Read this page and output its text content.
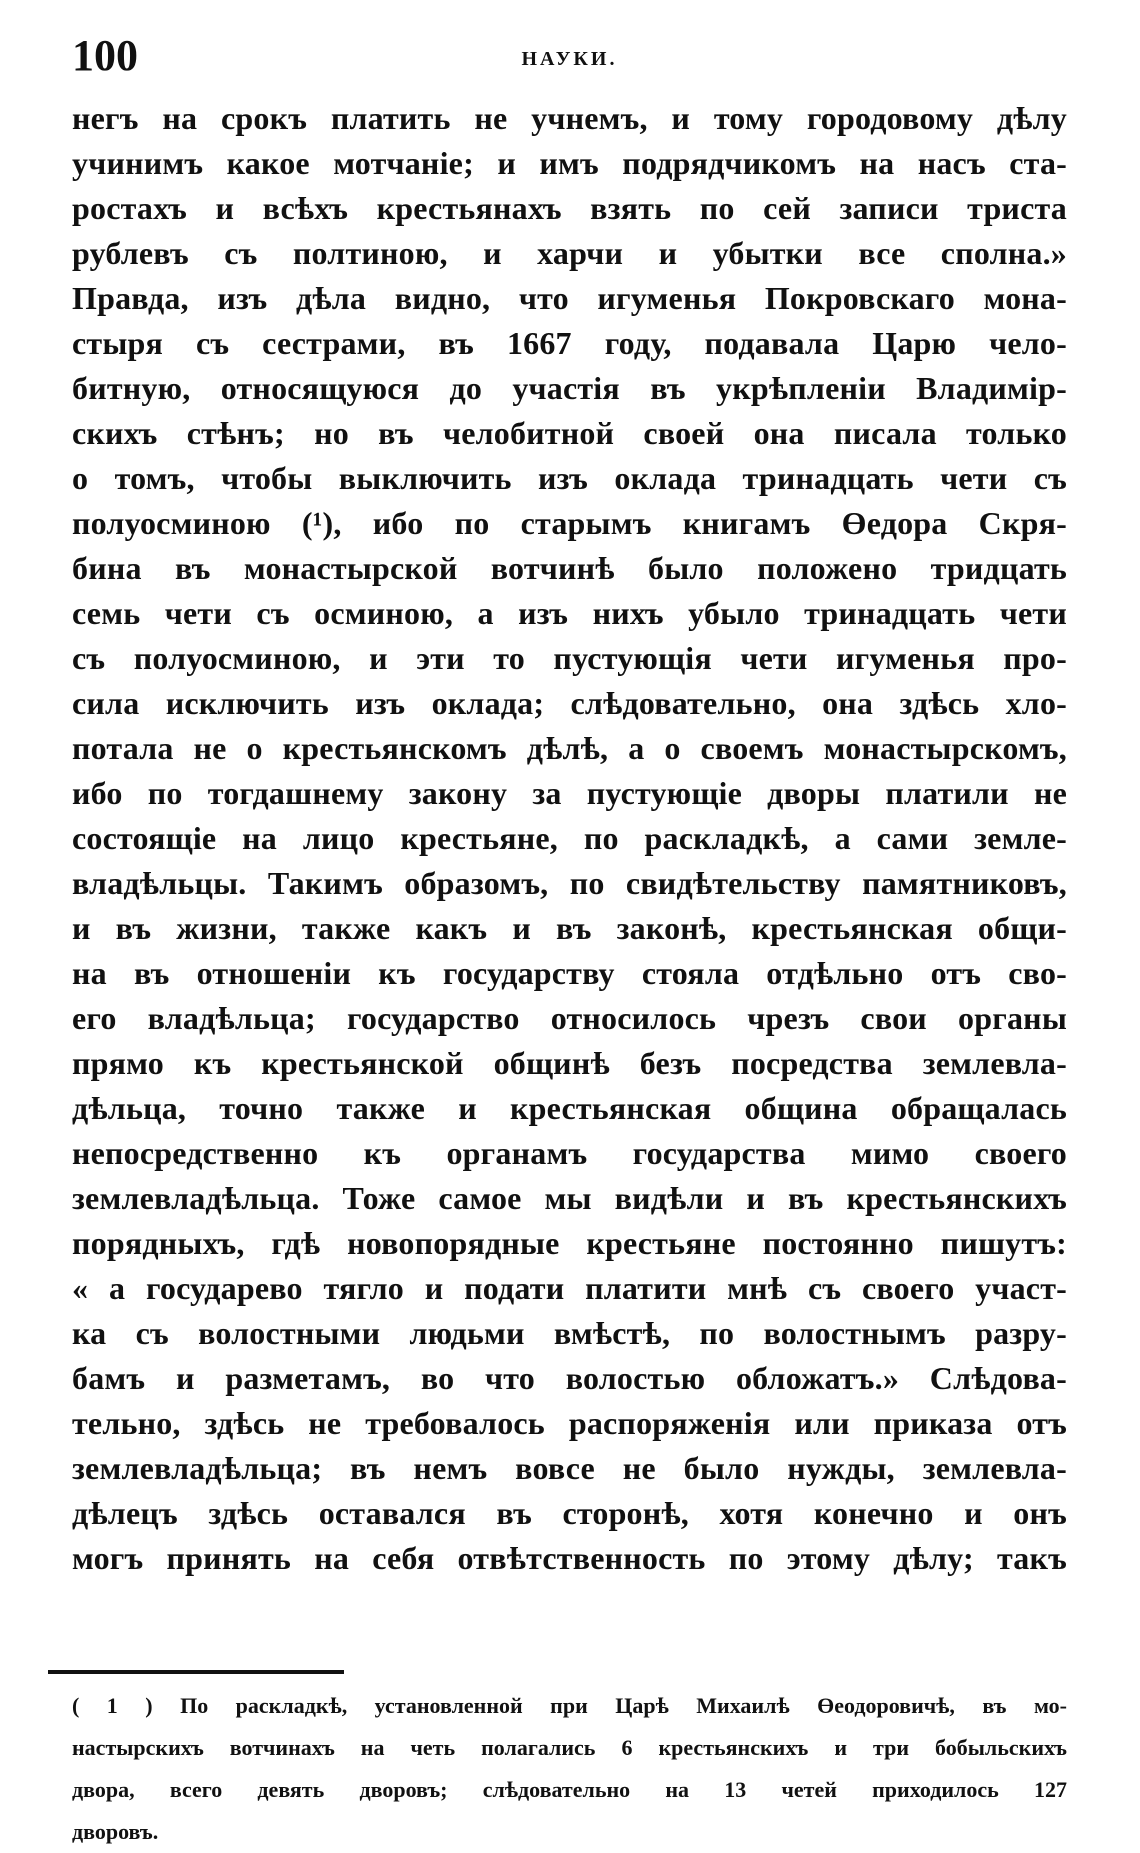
100	НАУКИ.
негъ на срокъ платить не учнемъ, и тому городовому дѣлу
учинимъ какое мотчаніе; и имъ подрядчикомъ на насъ ста-
ростахъ и всѣхъ крестьянахъ взять по сей записи триста
рублевъ съ полтиною, и харчи и убытки все сполна.»
Правда, изъ дѣла видно, что игуменья Покровскаго мона-
стыря съ сестрами, въ 1667 году, подавала Царю чело-
битную, относящуюся до участія въ укрѣпленіи Владимір-
скихъ стѣнъ; но въ челобитной своей она писала только
о томъ, чтобы выключить изъ оклада тринадцать чети съ
полуосминою (¹), ибо по старымъ книгамъ Өедора Скря-
бина въ монастырской вотчинѣ было положено тридцать
семь чети съ осминою, а изъ нихъ убыло тринадцать чети
съ полуосминою, и эти то пустующія чети игуменья про-
сила исключить изъ оклада; слѣдовательно, она здѣсь хло-
потала не о крестьянскомъ дѣлѣ, а о своемъ монастырскомъ,
ибо по тогдашнему закону за пустующіе дворы платили не
состоящіе на лицо крестьяне, по раскладкѣ, а сами земле-
владѣльцы. Такимъ образомъ, по свидѣтельству памятниковъ,
и въ жизни, также какъ и въ законѣ, крестьянская общи-
на въ отношеніи къ государству стояла отдѣльно отъ сво-
его владѣльца; государство относилось чрезъ свои органы
прямо къ крестьянской общинѣ безъ посредства землевла-
дѣльца, точно также и крестьянская община обращалась
непосредственно къ органамъ государства мимо своего
землевладѣльца. Тоже самое мы видѣли и въ крестьянскихъ
порядныхъ, гдѣ новопорядные крестьяне постоянно пишутъ:
« а государево тягло и подати платити мнѣ съ своего участ-
ка съ волостными людьми вмѣстѣ, по волостнымъ разру-
бамъ и разметамъ, во что волостью обложатъ.» Слѣдова-
тельно, здѣсь не требовалось распоряженія или приказа отъ
землевладѣльца; въ немъ вовсе не было нужды, землевла-
дѣлецъ здѣсь оставался въ сторонѣ, хотя конечно и онъ
могъ принять на себя отвѣтственность по этому дѣлу; такъ
( 1 ) По раскладкѣ, установленной при Царѣ Михаилѣ Өеодоровичѣ, въ мо-
настырскихъ вотчинахъ на четь полагались 6 крестьянскихъ и три бобыльскихъ
двора, всего девять дворовъ; слѣдовательно на 13 четей приходилось 127
дворовъ.
